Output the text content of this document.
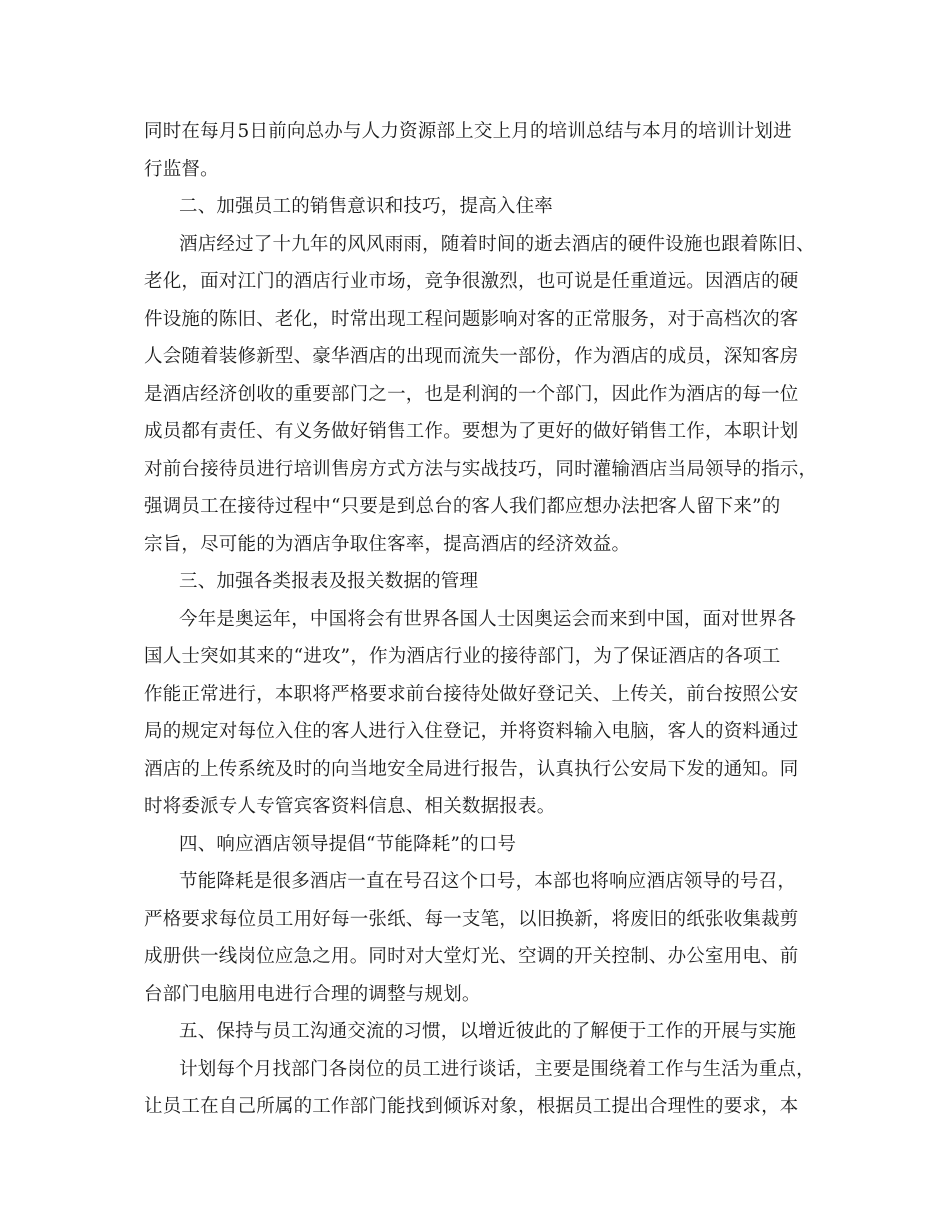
同时在每月5日前向总办与人力资源部上交上月的培训总结与本月的培训计划进
行监督。
二、加强员工的销售意识和技巧，提高入住率
酒店经过了十九年的风风雨雨，随着时间的逝去酒店的硬件设施也跟着陈旧、
老化，面对江门的酒店行业市场，竞争很激烈，也可说是任重道远。因酒店的硬
件设施的陈旧、老化，时常出现工程问题影响对客的正常服务，对于高档次的客
人会随着装修新型、豪华酒店的出现而流失一部份，作为酒店的成员，深知客房
是酒店经济创收的重要部门之一，也是利润的一个部门，因此作为酒店的每一位
成员都有责任、有义务做好销售工作。要想为了更好的做好销售工作，本职计划
对前台接待员进行培训售房方式方法与实战技巧，同时灌输酒店当局领导的指示，
强调员工在接待过程中“只要是到总台的客人我们都应想办法把客人留下来”的
宗旨，尽可能的为酒店争取住客率，提高酒店的经济效益。
三、加强各类报表及报关数据的管理
今年是奥运年，中国将会有世界各国人士因奥运会而来到中国，面对世界各
国人士突如其来的“进攻”，作为酒店行业的接待部门，为了保证酒店的各项工
作能正常进行，本职将严格要求前台接待处做好登记关、上传关，前台按照公安
局的规定对每位入住的客人进行入住登记，并将资料输入电脑，客人的资料通过
酒店的上传系统及时的向当地安全局进行报告，认真执行公安局下发的通知。同
时将委派专人专管宾客资料信息、相关数据报表。
四、响应酒店领导提倡“节能降耗”的口号
节能降耗是很多酒店一直在号召这个口号，本部也将响应酒店领导的号召，
严格要求每位员工用好每一张纸、每一支笔，以旧换新，将废旧的纸张收集裁剪
成册供一线岗位应急之用。同时对大堂灯光、空调的开关控制、办公室用电、前
台部门电脑用电进行合理的调整与规划。
五、保持与员工沟通交流的习惯，以增近彼此的了解便于工作的开展与实施
计划每个月找部门各岗位的员工进行谈话，主要是围绕着工作与生活为重点，
让员工在自己所属的工作部门能找到倾诉对象，根据员工提出合理性的要求，本
